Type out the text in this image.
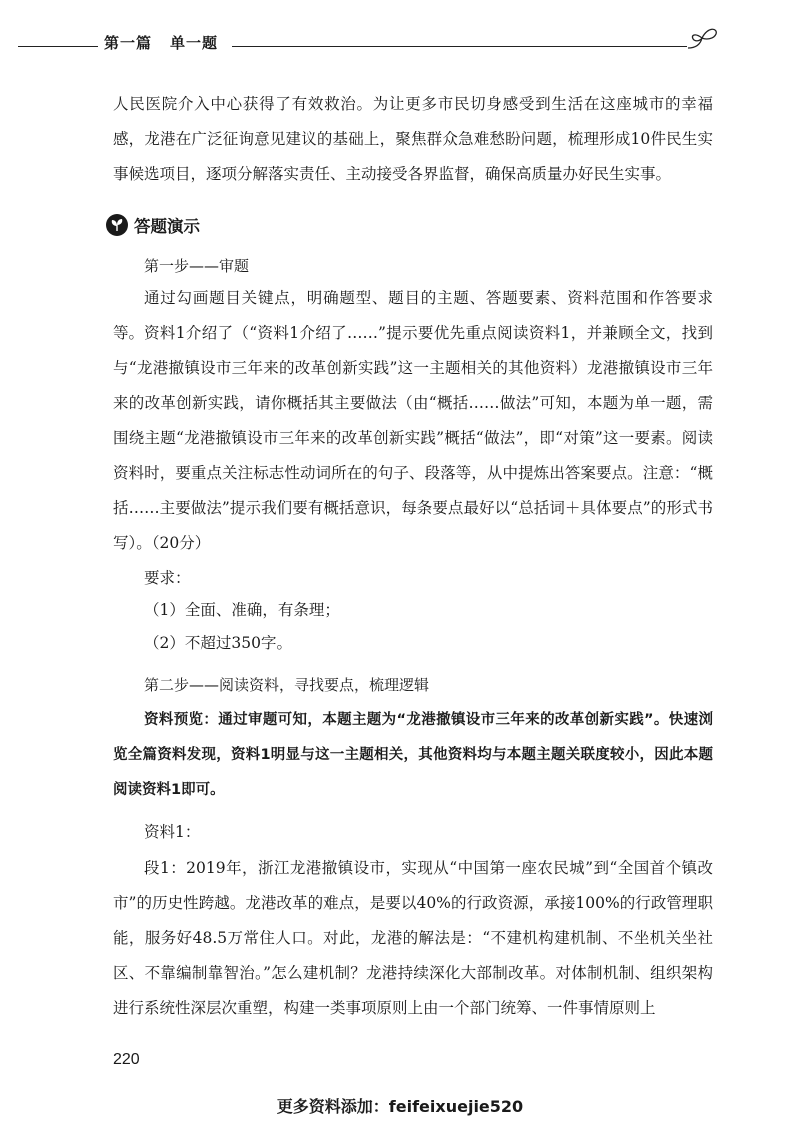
第一篇 单一题
人民医院介入中心获得了有效救治。为让更多市民切身感受到生活在这座城市的幸福感，龙港在广泛征询意见建议的基础上，聚焦群众急难愁盼问题，梳理形成10件民生实事候选项目，逐项分解落实责任、主动接受各界监督，确保高质量办好民生实事。
答题演示
第一步——审题
通过勾画题目关键点，明确题型、题目的主题、答题要素、资料范围和作答要求等。 资料1介绍了（“资料1介绍了……”提示要优先重点阅读资料1，并兼顾全文，找到与“龙港撤镇设市三年来的改革创新实践”这一主题相关的其他资料）龙港撤镇设市三年来的改革创新实践，请你概括其主要做法（由“概括……做法”可知，本题为单一题，需围绕主题“龙港撤镇设市三年来的改革创新实践”概括“做法”，即“对策”这一要素。阅读资料时，要重点关注标志性动词所在的句子、段落等，从中提炼出答案要点。注意：“概括……主要做法”提示我们要有概括意识，每条要点最好以“总括词＋具体要点”的形式书写）。（20分）
要求：
（1）全面、准确，有条理；
（2）不超过350字。
第二步——阅读资料，寻找要点，梳理逻辑
资料预览：通过审题可知，本题主题为“龙港撤镇设市三年来的改革创新实践”。快速浏览全篇资料发现，资料1明显与这一主题相关，其他资料均与本题主题关联度较小，因此本题阅读资料1即可。
资料1：
段1：2019年，浙江龙港撤镇设市，实现从“中国第一座农民城”到“全国首个镇改市”的历史性跨越。龙港改革的难点，是要以40%的行政资源，承接100%的行政管理职能，服务好48.5万常住人口。对此，龙港的解法是：“不建机构建机制、不坐机关坐社区、不靠编制靠智治。”怎么建机制？龙港持续深化大部制改革。对体制机制、组织架构进行系统性深层次重塑，构建一类事项原则上由一个部门统筹、一件事情原则上
220
更多资料添加：feifeixuejie520
